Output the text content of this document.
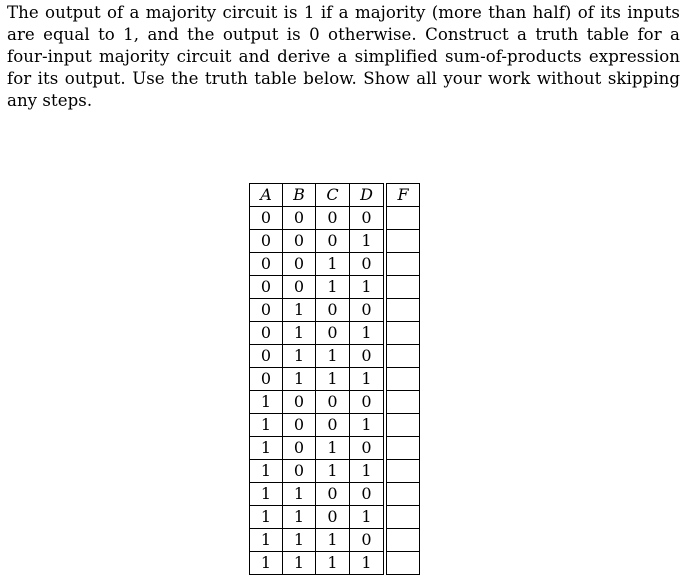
The output of a majority circuit is 1 if a majority (more than half) of its inputs are equal to 1, and the output is 0 otherwise. Construct a truth table for a four-input majority circuit and derive a simplified sum-of-products expression for its output. Use the truth table below. Show all your work without skipping any steps.

A	B	C	D	F
0	0	0	0	
0	0	0	1	
0	0	1	0	
0	0	1	1	
0	1	0	0	
0	1	0	1	
0	1	1	0	
0	1	1	1	
1	0	0	0	
1	0	0	1	
1	0	1	0	
1	0	1	1	
1	1	0	0	
1	1	0	1	
1	1	1	0	
1	1	1	1	
